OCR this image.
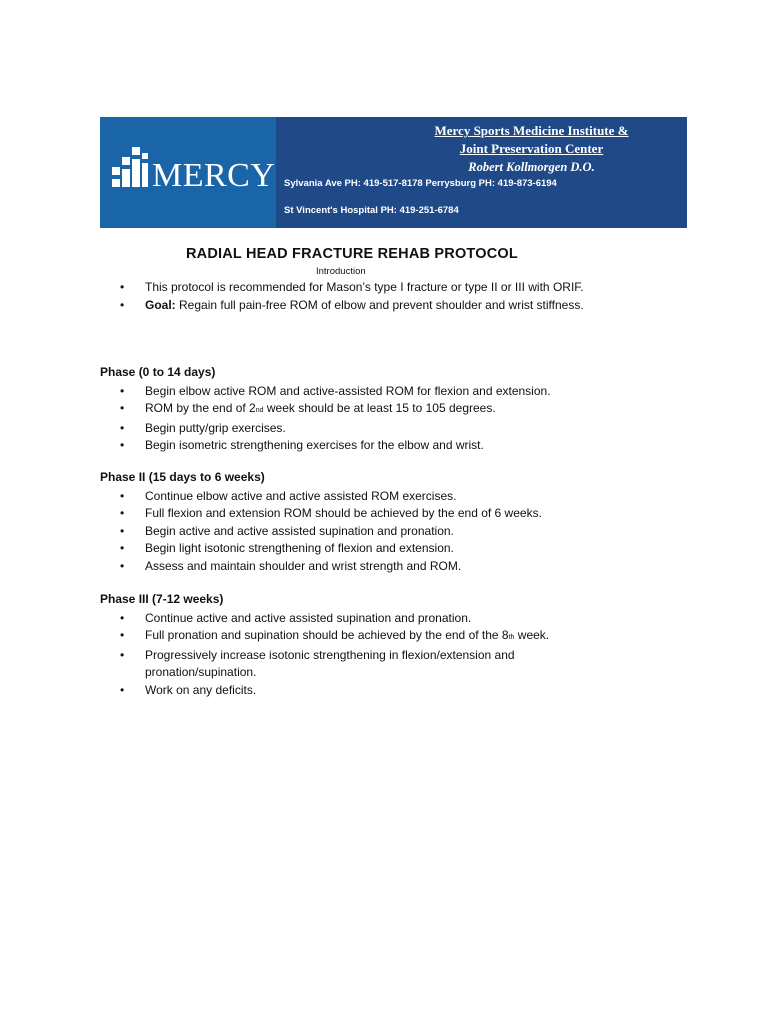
MERCY
Mercy Sports Medicine Institute &
Joint Preservation Center
Robert Kollmorgen D.O.
Sylvania Ave PH: 419-517-8178 Perrysburg PH: 419-873-6194
St Vincent's Hospital PH: 419-251-6784
RADIAL HEAD FRACTURE REHAB PROTOCOL
Introduction
• This protocol is recommended for Mason’s type I fracture or type II or III with ORIF.
• Goal: Regain full pain-free ROM of elbow and prevent shoulder and wrist stiffness.
Phase (0 to 14 days)
• Begin elbow active ROM and active-assisted ROM for flexion and extension.
• ROM by the end of 2nd week should be at least 15 to 105 degrees.
• Begin putty/grip exercises.
• Begin isometric strengthening exercises for the elbow and wrist.
Phase II (15 days to 6 weeks)
• Continue elbow active and active assisted ROM exercises.
• Full flexion and extension ROM should be achieved by the end of 6 weeks.
• Begin active and active assisted supination and pronation.
• Begin light isotonic strengthening of flexion and extension.
• Assess and maintain shoulder and wrist strength and ROM.
Phase III (7-12 weeks)
• Continue active and active assisted supination and pronation.
• Full pronation and supination should be achieved by the end of the 8th week.
• Progressively increase isotonic strengthening in flexion/extension and pronation/supination.
• Work on any deficits.
